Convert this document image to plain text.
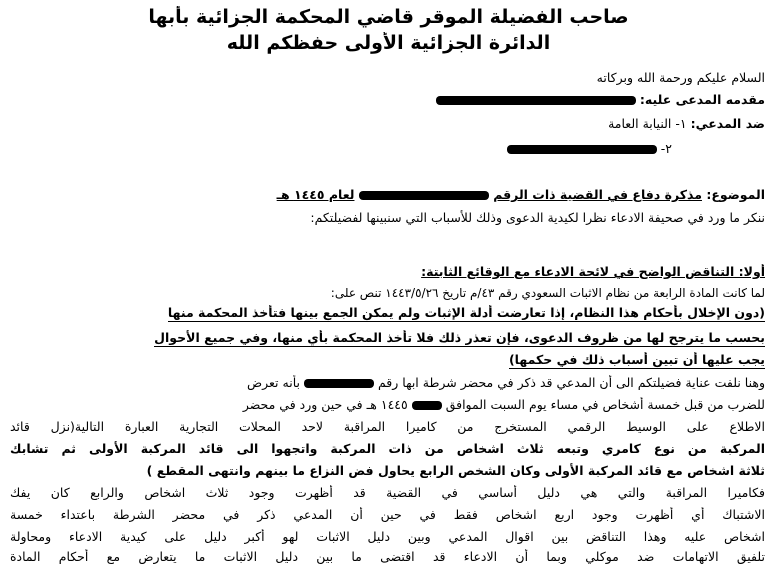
صاحب الفضيلة الموقر قاضي المحكمة الجزائية بأبها
الدائرة الجزائية الأولى حفظكم الله
السلام عليكم ورحمة الله وبركاته
مقدمه المدعى عليه:
ضد المدعي: ١- النيابة العامة
٢-
الموضوع: مذكرة دفاع في القضية ذات الرقم  لعام ١٤٤٥ هـ
ننكر ما ورد في صحيفة الادعاء نظرا لكيدية الدعوى وذلك للأسباب التي سنبينها لفضيلتكم:
أولا: التناقض الواضح في لائحة الادعاء مع الوقائع الثابتة:
لما كانت المادة الرابعة من نظام الاثبات السعودي رقم ٤٣/م تاريخ ١٤٤٣/٥/٢٦ تنص على:
(دون الإخلال بأحكام هذا النظام، إذا تعارضت أدلة الإثبات ولم يمكن الجمع بينها فتأخذ المحكمة منها
بحسب ما يترجح لها من ظروف الدعوى، فإن تعذر ذلك فلا تأخذ المحكمة بأي منها، وفي جميع الأحوال
يجب عليها أن تبين أسباب ذلك في حكمها)
وهنا نلفت عناية فضيلتكم الى أن المدعي قد ذكر في محضر شرطة ابها رقم  بأنه تعرض
للضرب من قبل خمسة أشخاص في مساء يوم السبت الموافق  ١٤٤٥ هـ في حين ورد في محضر
الاطلاع على الوسيط الرقمي المستخرج من كاميرا المراقبة لاحد المحلات التجارية العبارة التالية(نزل قائد
المركبة من نوع كامري وتبعه ثلاث اشخاص من ذات المركبة واتجهوا الى قائد المركبة الأولى ثم تشابك
ثلاثة اشخاص مع قائد المركبة الأولى وكان الشخص الرابع يحاول فض النزاع ما بينهم وانتهى المقطع )
فكاميرا المراقبة والتي هي دليل أساسي في القضية قد أظهرت وجود ثلاث اشخاص والرابع كان يفك
الاشتباك أي أظهرت وجود اربع اشخاص فقط في حين أن المدعي ذكر في محضر الشرطة باعتداء خمسة
اشخاص عليه وهذا التناقض بين اقوال المدعي وبين دليل الاثبات لهو أكبر دليل على كيدية الادعاء ومحاولة
تلفيق الاتهامات ضد موكلي وبما أن الادعاء قد اقتضى ما بين دليل الاثبات ما يتعارض مع أحكام المادة
